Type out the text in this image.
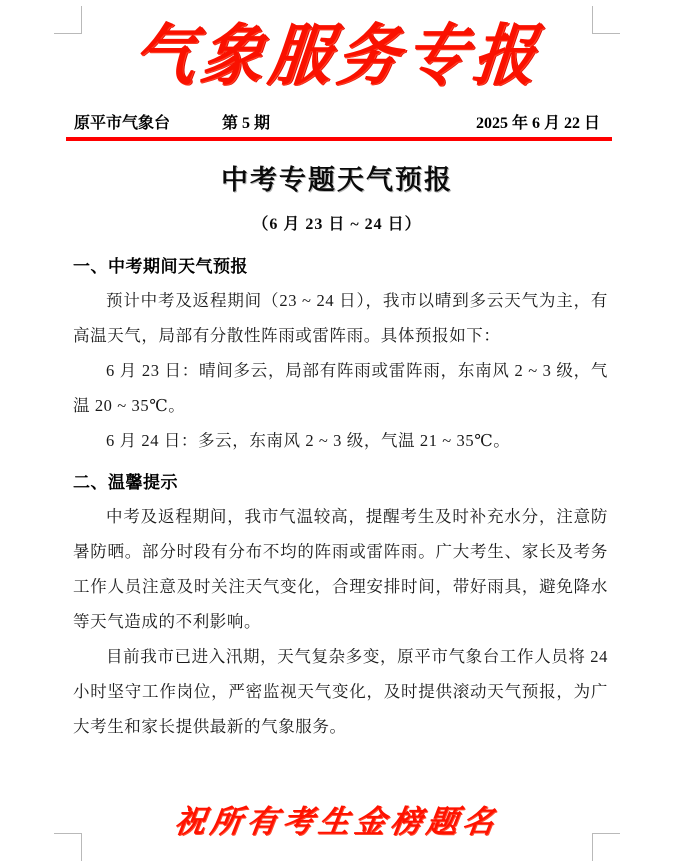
气象服务专报
原平市气象台	第 5 期	2025 年 6 月 22 日
中考专题天气预报
（6 月 23 日 ~ 24 日）
一、中考期间天气预报

预计中考及返程期间（23 ~ 24 日），我市以晴到多云天气为主，有高温天气，局部有分散性阵雨或雷阵雨。具体预报如下：

6 月 23 日：晴间多云，局部有阵雨或雷阵雨，东南风 2 ~ 3 级，气温 20 ~ 35℃。

6 月 24 日：多云，东南风 2 ~ 3 级，气温 21 ~ 35℃。

二、温馨提示

中考及返程期间，我市气温较高，提醒考生及时补充水分，注意防暑防晒。部分时段有分布不均的阵雨或雷阵雨。广大考生、家长及考务工作人员注意及时关注天气变化，合理安排时间，带好雨具，避免降水等天气造成的不利影响。

目前我市已进入汛期，天气复杂多变，原平市气象台工作人员将 24 小时坚守工作岗位，严密监视天气变化，及时提供滚动天气预报，为广大考生和家长提供最新的气象服务。

祝所有考生金榜题名
